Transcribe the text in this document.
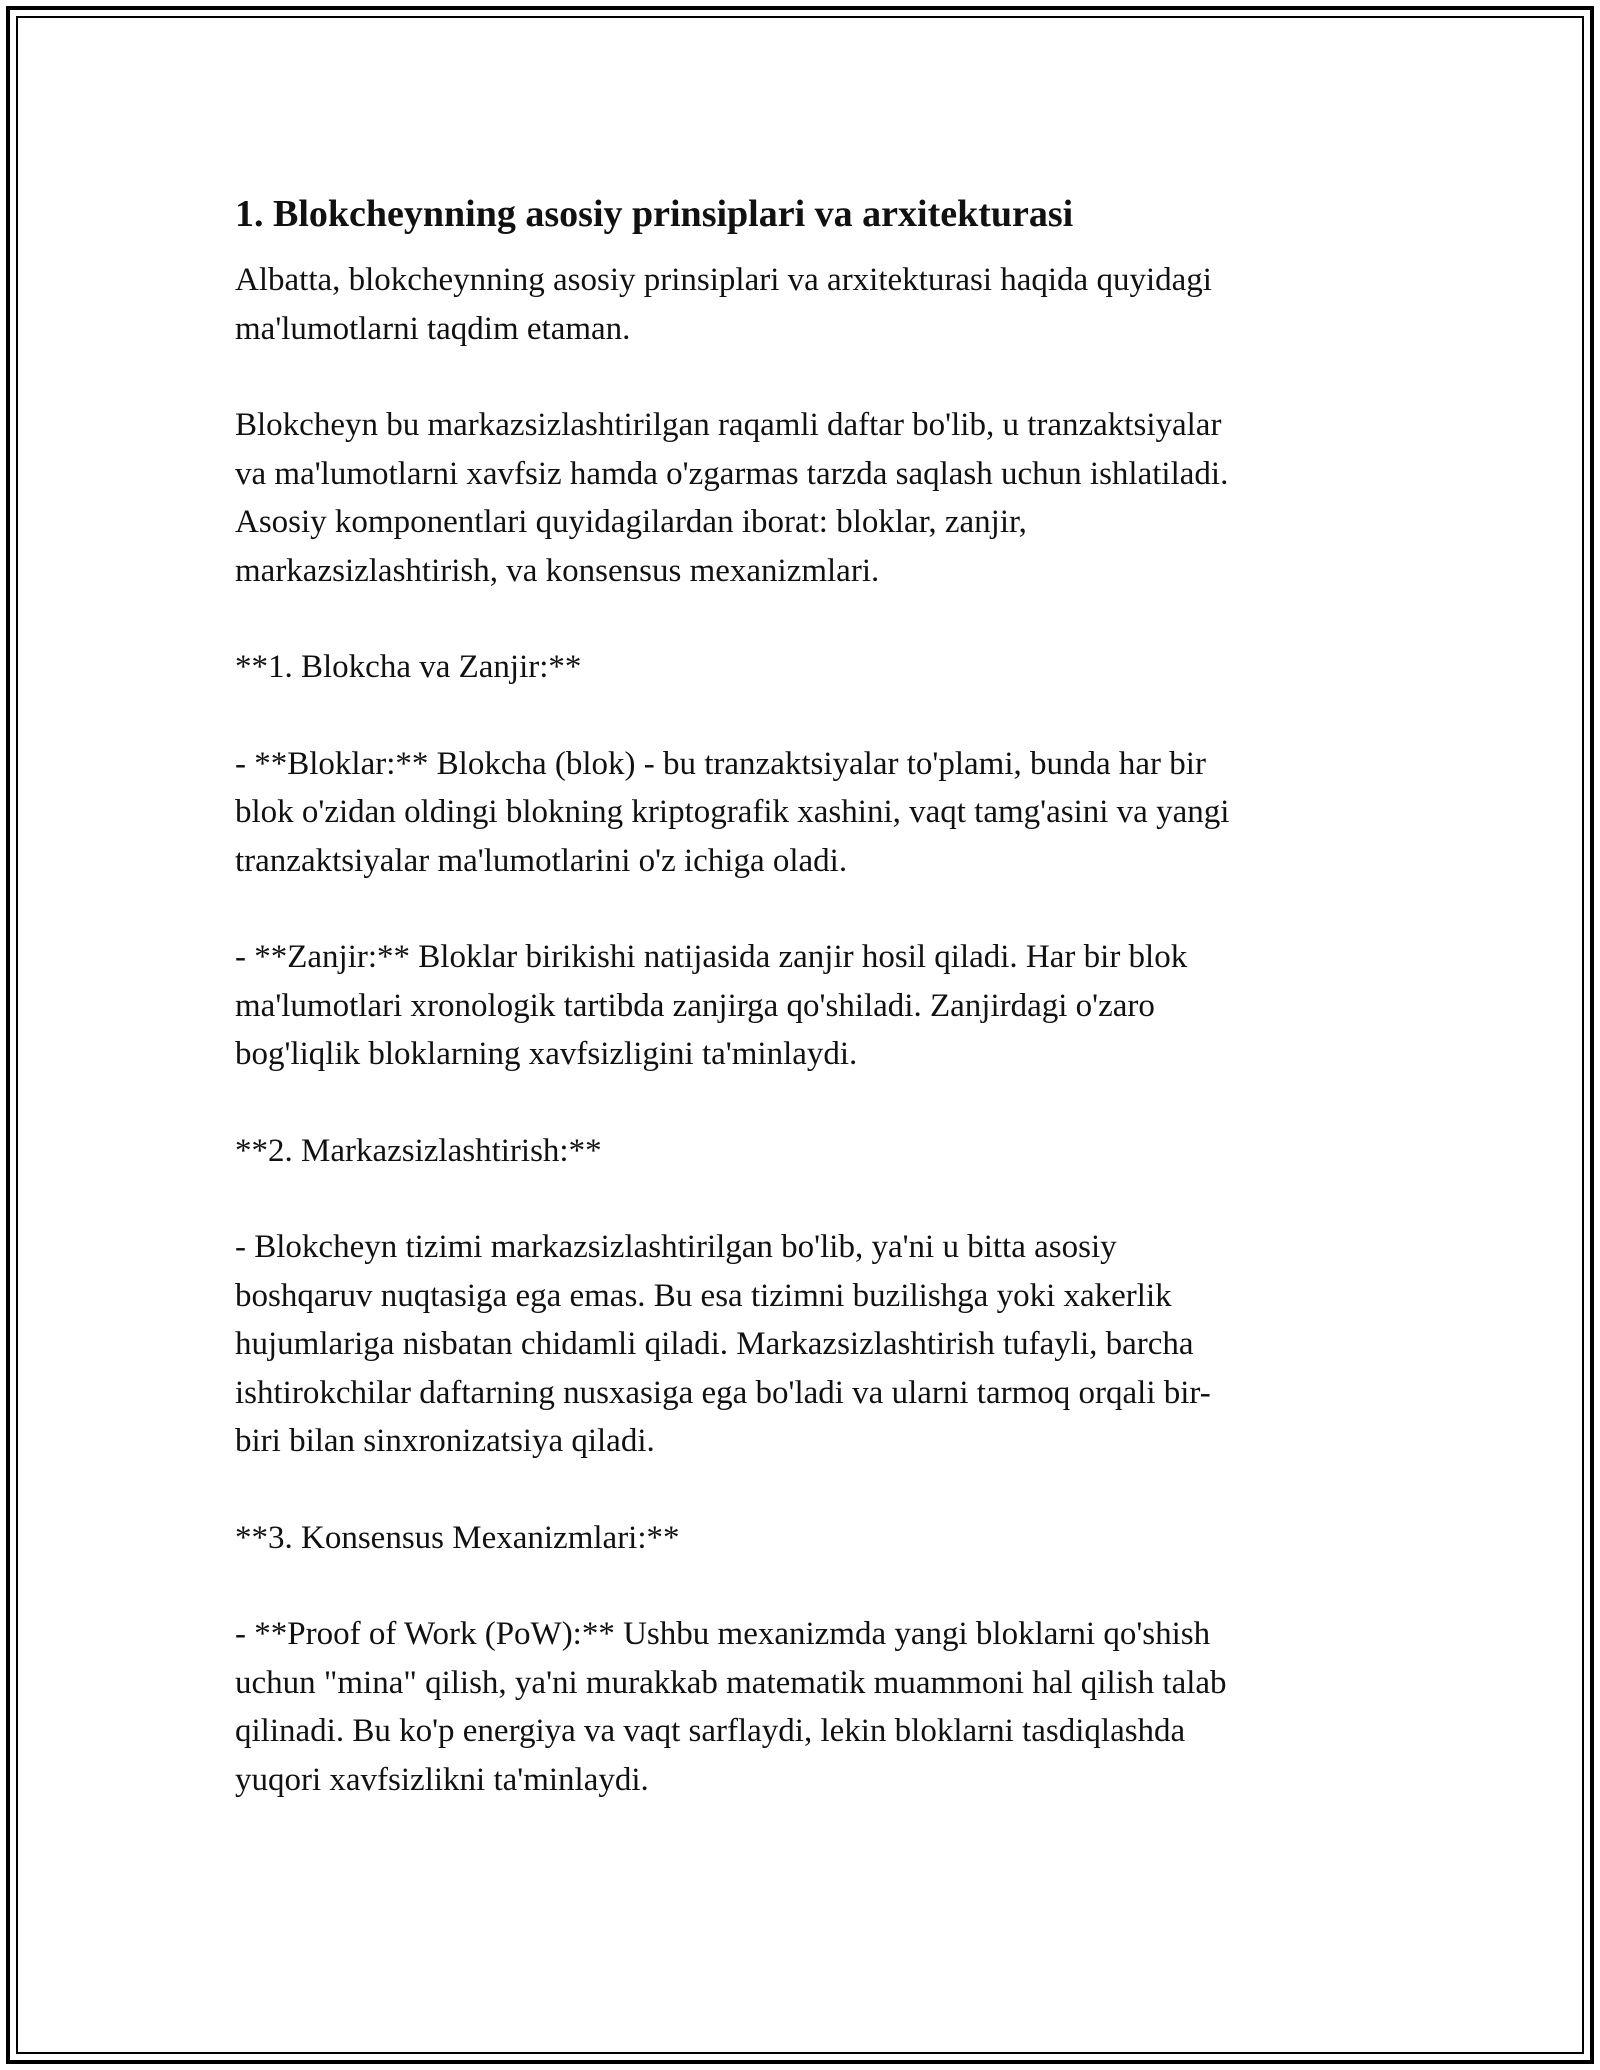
1. Blokcheynning asosiy prinsiplari va arxitekturasi

Albatta, blokcheynning asosiy prinsiplari va arxitekturasi haqida quyidagi
ma'lumotlarni taqdim etaman.

Blokcheyn bu markazsizlashtirilgan raqamli daftar bo'lib, u tranzaktsiyalar
va ma'lumotlarni xavfsiz hamda o'zgarmas tarzda saqlash uchun ishlatiladi.
Asosiy komponentlari quyidagilardan iborat: bloklar, zanjir,
markazsizlashtirish, va konsensus mexanizmlari.

**1. Blokcha va Zanjir:**

- **Bloklar:** Blokcha (blok) - bu tranzaktsiyalar to'plami, bunda har bir
blok o'zidan oldingi blokning kriptografik xashini, vaqt tamg'asini va yangi
tranzaktsiyalar ma'lumotlarini o'z ichiga oladi.

- **Zanjir:** Bloklar birikishi natijasida zanjir hosil qiladi. Har bir blok
ma'lumotlari xronologik tartibda zanjirga qo'shiladi. Zanjirdagi o'zaro
bog'liqlik bloklarning xavfsizligini ta'minlaydi.

**2. Markazsizlashtirish:**

- Blokcheyn tizimi markazsizlashtirilgan bo'lib, ya'ni u bitta asosiy
boshqaruv nuqtasiga ega emas. Bu esa tizimni buzilishga yoki xakerlik
hujumlariga nisbatan chidamli qiladi. Markazsizlashtirish tufayli, barcha
ishtirokchilar daftarning nusxasiga ega bo'ladi va ularni tarmoq orqali bir-
biri bilan sinxronizatsiya qiladi.

**3. Konsensus Mexanizmlari:**

- **Proof of Work (PoW):** Ushbu mexanizmda yangi bloklarni qo'shish
uchun "mina" qilish, ya'ni murakkab matematik muammoni hal qilish talab
qilinadi. Bu ko'p energiya va vaqt sarflaydi, lekin bloklarni tasdiqlashda
yuqori xavfsizlikni ta'minlaydi.
